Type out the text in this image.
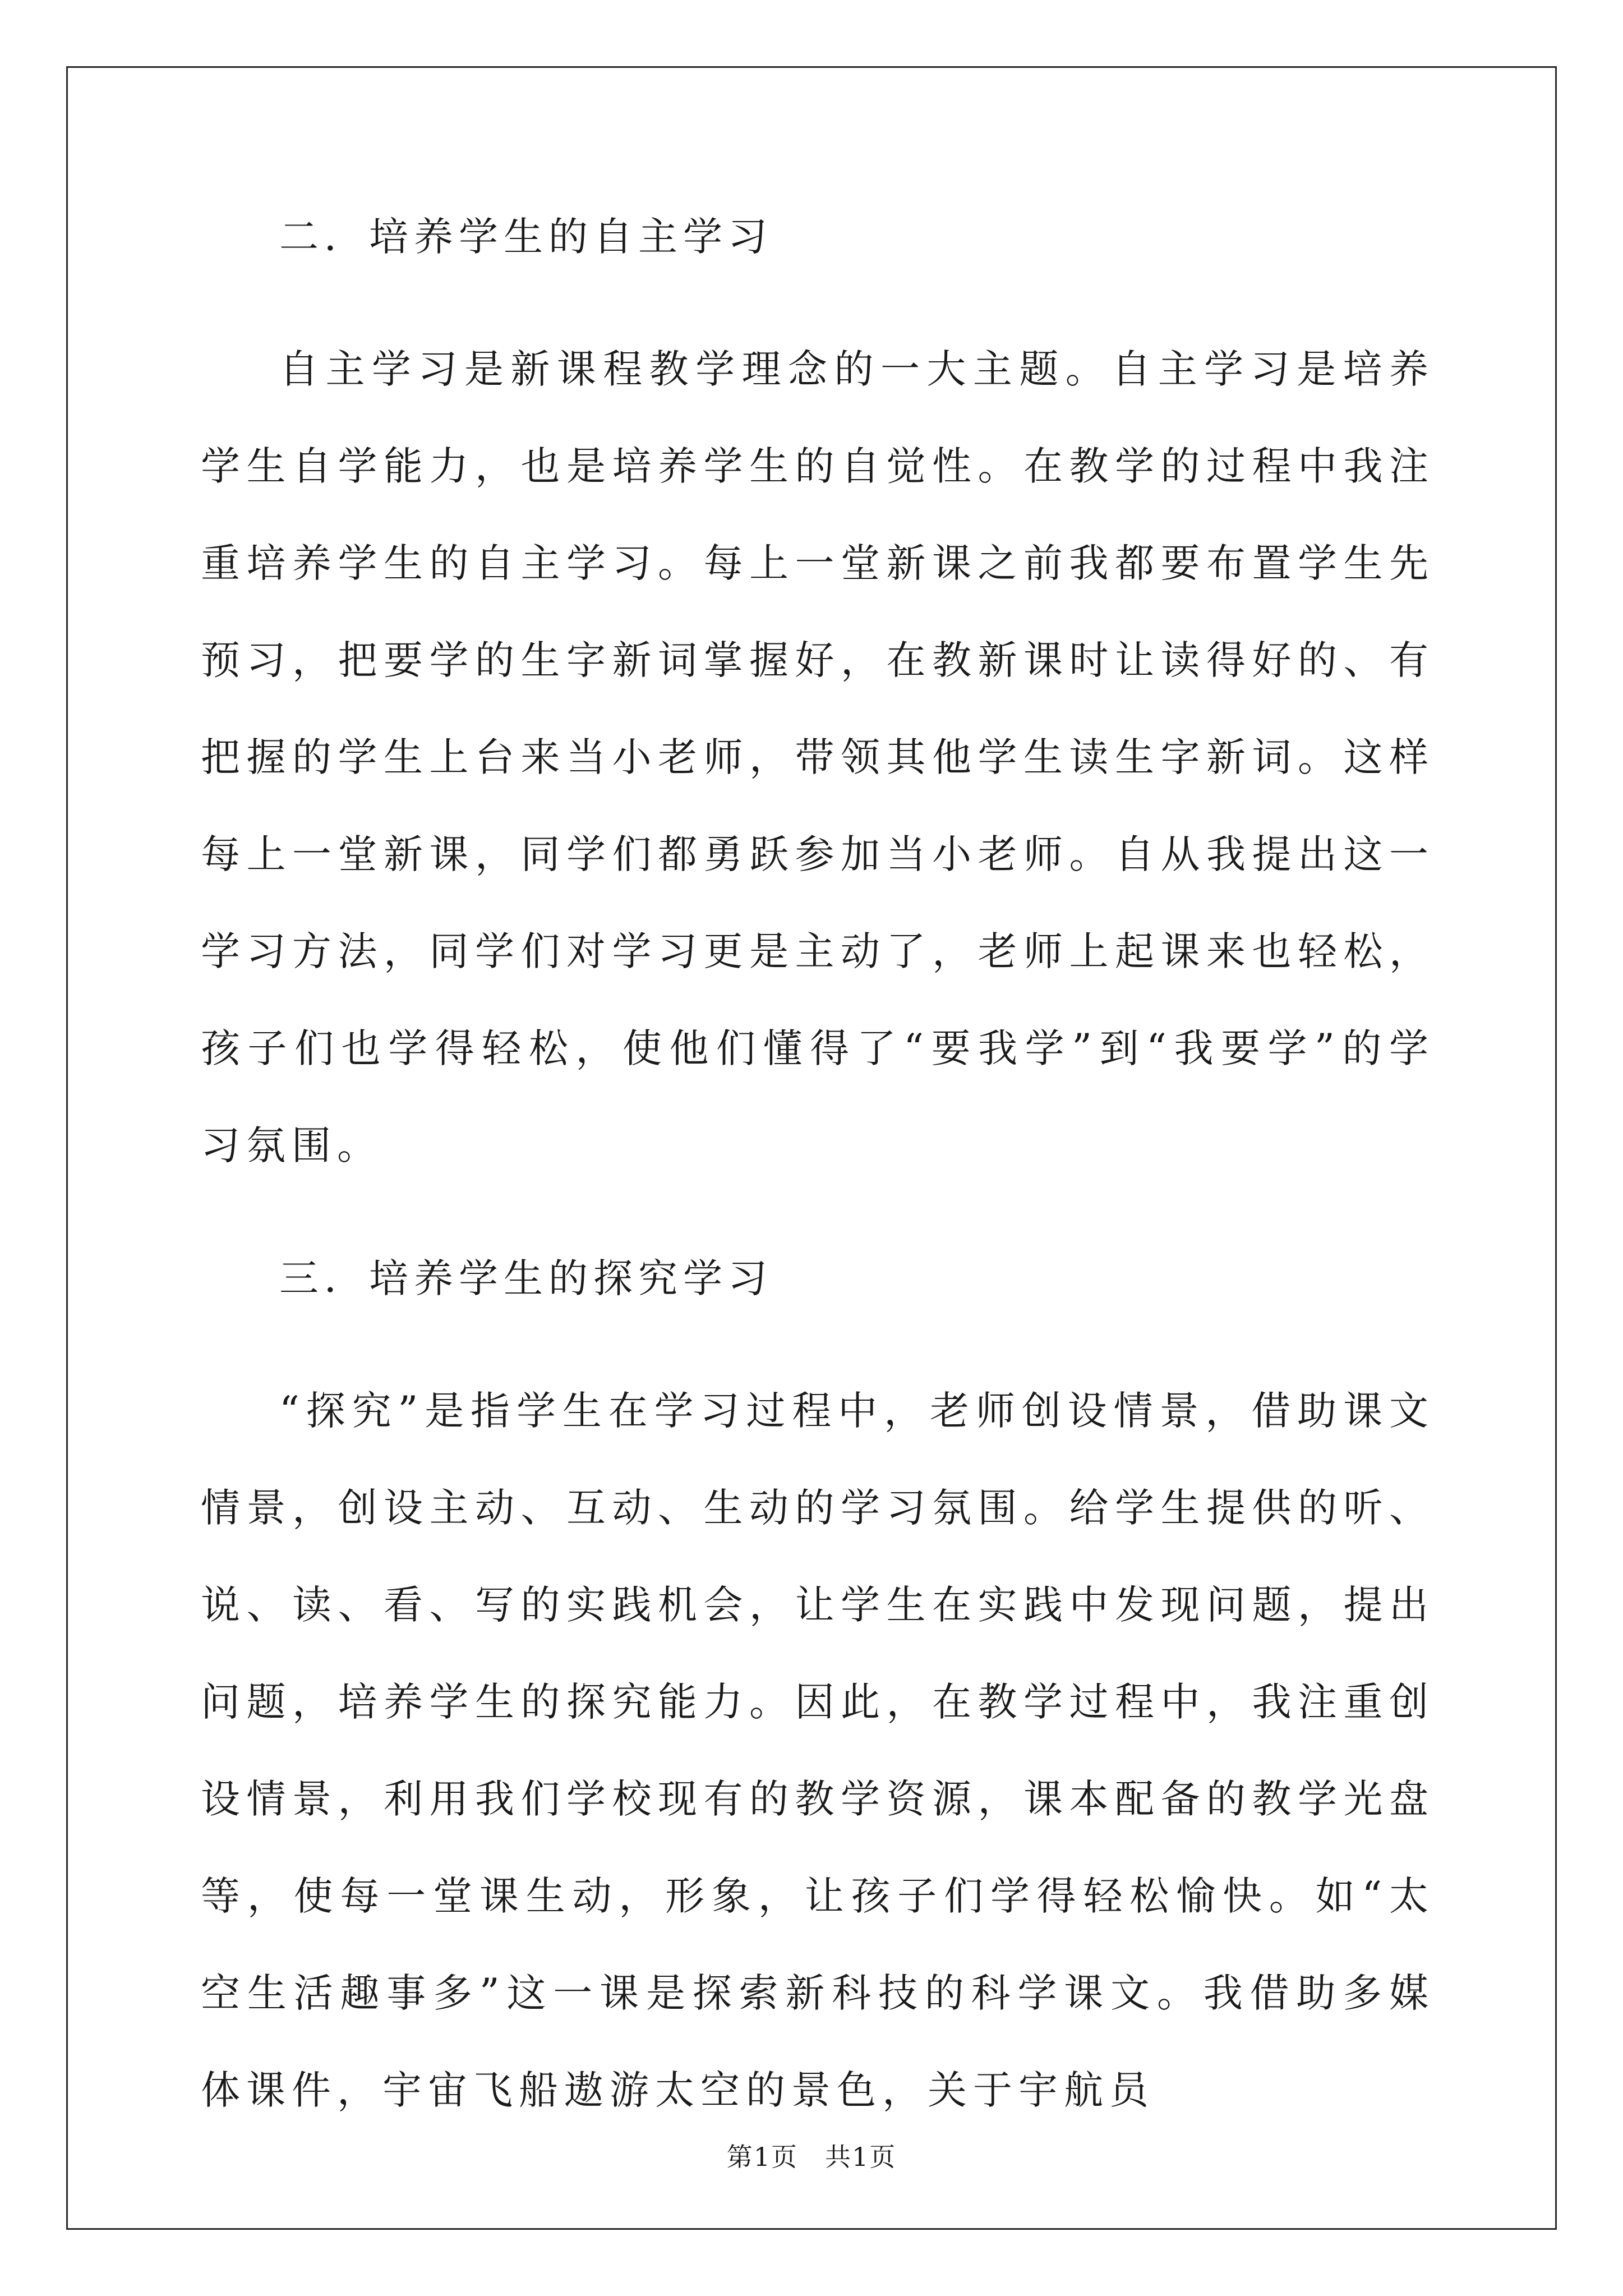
二．培养学生的自主学习

自主学习是新课程教学理念的一大主题。自主学习是培养学生自学能力，也是培养学生的自觉性。在教学的过程中我注重培养学生的自主学习。每上一堂新课之前我都要布置学生先预习，把要学的生字新词掌握好，在教新课时让读得好的、有把握的学生上台来当小老师，带领其他学生读生字新词。这样每上一堂新课，同学们都勇跃参加当小老师。自从我提出这一学习方法，同学们对学习更是主动了，老师上起课来也轻松，孩子们也学得轻松，使他们懂得了“要我学”到“我要学”的学习氛围。

三．培养学生的探究学习

“探究”是指学生在学习过程中，老师创设情景，借助课文情景，创设主动、互动、生动的学习氛围。给学生提供的听、说、读、看、写的实践机会，让学生在实践中发现问题，提出问题，培养学生的探究能力。因此，在教学过程中，我注重创设情景，利用我们学校现有的教学资源，课本配备的教学光盘等，使每一堂课生动，形象，让孩子们学得轻松愉快。如“太空生活趣事多”这一课是探索新科技的科学课文。我借助多媒体课件，宇宙飞船遨游太空的景色，关于宇航员

第1页　共1页
